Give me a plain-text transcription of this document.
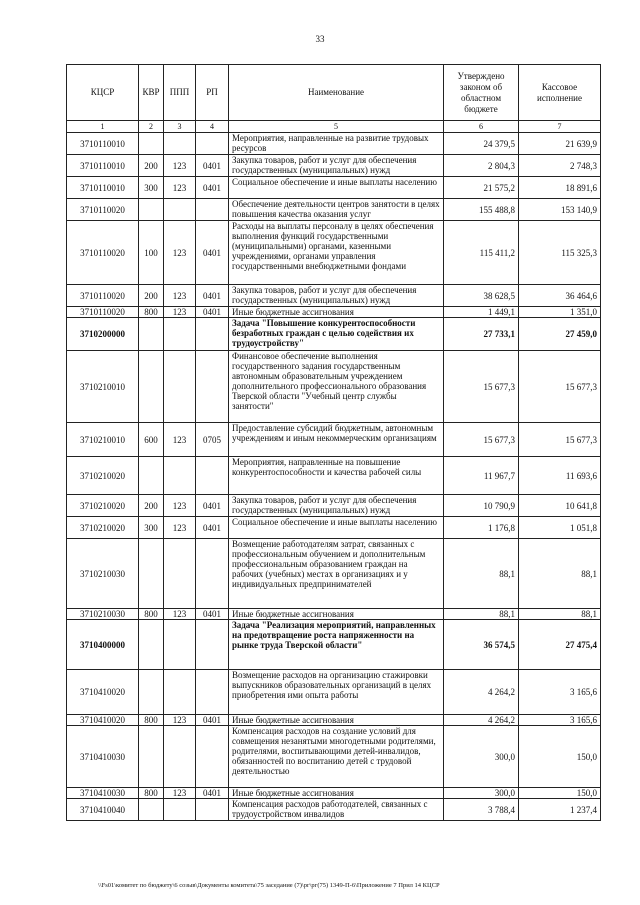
33
КЦСР	КВР	ППП	РП	Наименование	Утверждено законом об областном бюджете	Кассовое исполнение
1	2	3	4	5	6	7
3710110010				Мероприятия, направленные на развитие трудовых ресурсов	24 379,5	21 639,9
3710110010	200	123	0401	Закупка товаров, работ и услуг для обеспечения государственных (муниципальных) нужд	2 804,3	2 748,3
3710110010	300	123	0401	Социальное обеспечение и иные выплаты населению	21 575,2	18 891,6
3710110020				Обеспечение деятельности центров занятости в целях повышения качества оказания услуг	155 488,8	153 140,9
3710110020	100	123	0401	Расходы на выплаты персоналу в целях обеспечения выполнения функций государственными (муниципальными) органами, казенными учреждениями, органами управления государственными внебюджетными фондами	115 411,2	115 325,3
3710110020	200	123	0401	Закупка товаров, работ и услуг для обеспечения государственных (муниципальных) нужд	38 628,5	36 464,6
3710110020	800	123	0401	Иные бюджетные ассигнования	1 449,1	1 351,0
3710200000				Задача "Повышение конкурентоспособности безработных граждан с целью содействия их трудоустройству"	27 733,1	27 459,0
3710210010				Финансовое обеспечение выполнения государственного задания государственным автономным образовательным учреждением дополнительного профессионального образования Тверской области "Учебный центр службы занятости"	15 677,3	15 677,3
3710210010	600	123	0705	Предоставление субсидий бюджетным, автономным учреждениям и иным некоммерческим организациям	15 677,3	15 677,3
3710210020				Мероприятия, направленные на повышение конкурентоспособности и качества рабочей силы	11 967,7	11 693,6
3710210020	200	123	0401	Закупка товаров, работ и услуг для обеспечения государственных (муниципальных) нужд	10 790,9	10 641,8
3710210020	300	123	0401	Социальное обеспечение и иные выплаты населению	1 176,8	1 051,8
3710210030				Возмещение работодателям затрат, связанных с профессиональным обучением и дополнительным профессиональным образованием граждан на рабочих (учебных) местах в организациях и у индивидуальных предпринимателей	88,1	88,1
3710210030	800	123	0401	Иные бюджетные ассигнования	88,1	88,1
3710400000				Задача "Реализация мероприятий, направленных на предотвращение роста напряженности на рынке труда Тверской области"	36 574,5	27 475,4
3710410020				Возмещение расходов на организацию стажировки выпускников образовательных организаций в целях приобретения ими опыта работы	4 264,2	3 165,6
3710410020	800	123	0401	Иные бюджетные ассигнования	4 264,2	3 165,6
3710410030				Компенсация расходов на создание условий для совмещения незанятыми многодетными родителями, родителями, воспитывающими детей-инвалидов, обязанностей по воспитанию детей с трудовой деятельностью	300,0	150,0
3710410030	800	123	0401	Иные бюджетные ассигнования	300,0	150,0
3710410040				Компенсация расходов работодателей, связанных с трудоустройством инвалидов	3 788,4	1 237,4
\\Fs01\комитет по бюджету\6 созыв\Документы комитета\75 заседание (7)\рг\рг(75) 1349-П-6\Приложение 7 Прил 14 КЦСР
